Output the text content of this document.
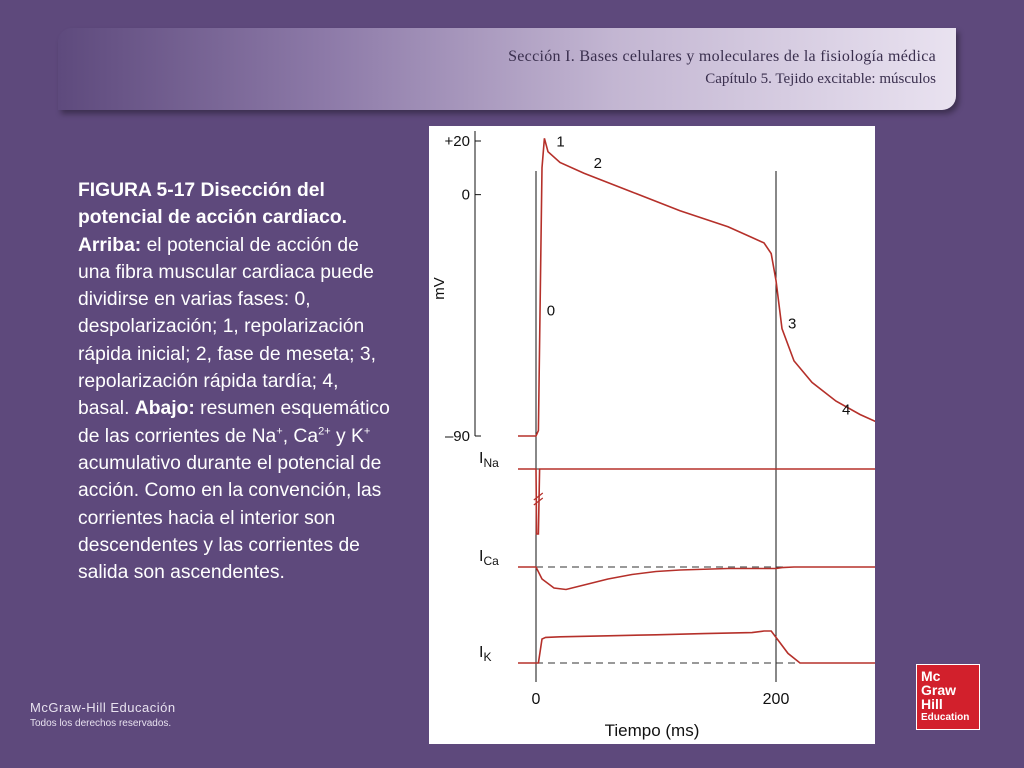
Sección I. Bases celulares y moleculares de la fisiología médica
Capítulo 5. Tejido excitable: músculos
FIGURA 5-17 Disección del potencial de acción cardiaco. Arriba: el potencial de acción de una fibra muscular cardiaca puede dividirse en varias fases: 0, despolarización; 1, repolarización rápida inicial; 2, fase de meseta; 3, repolarización rápida tardía; 4, basal. Abajo: resumen esquemático de las corrientes de Na+, $Ca^{2+}$ y K+ acumulativo durante el potencial de acción. Como en la convención, las corrientes hacia el interior son descendentes y las corrientes de salida son ascendentes.
+20
0
–90
mV
0	200
Tiempo (ms)
0
1
2
3
4
$I_{Na}$
$I_{Ca}$
$I_K$
McGraw-Hill Educación
Todos los derechos reservados.
Mc
Graw
Hill
Education
